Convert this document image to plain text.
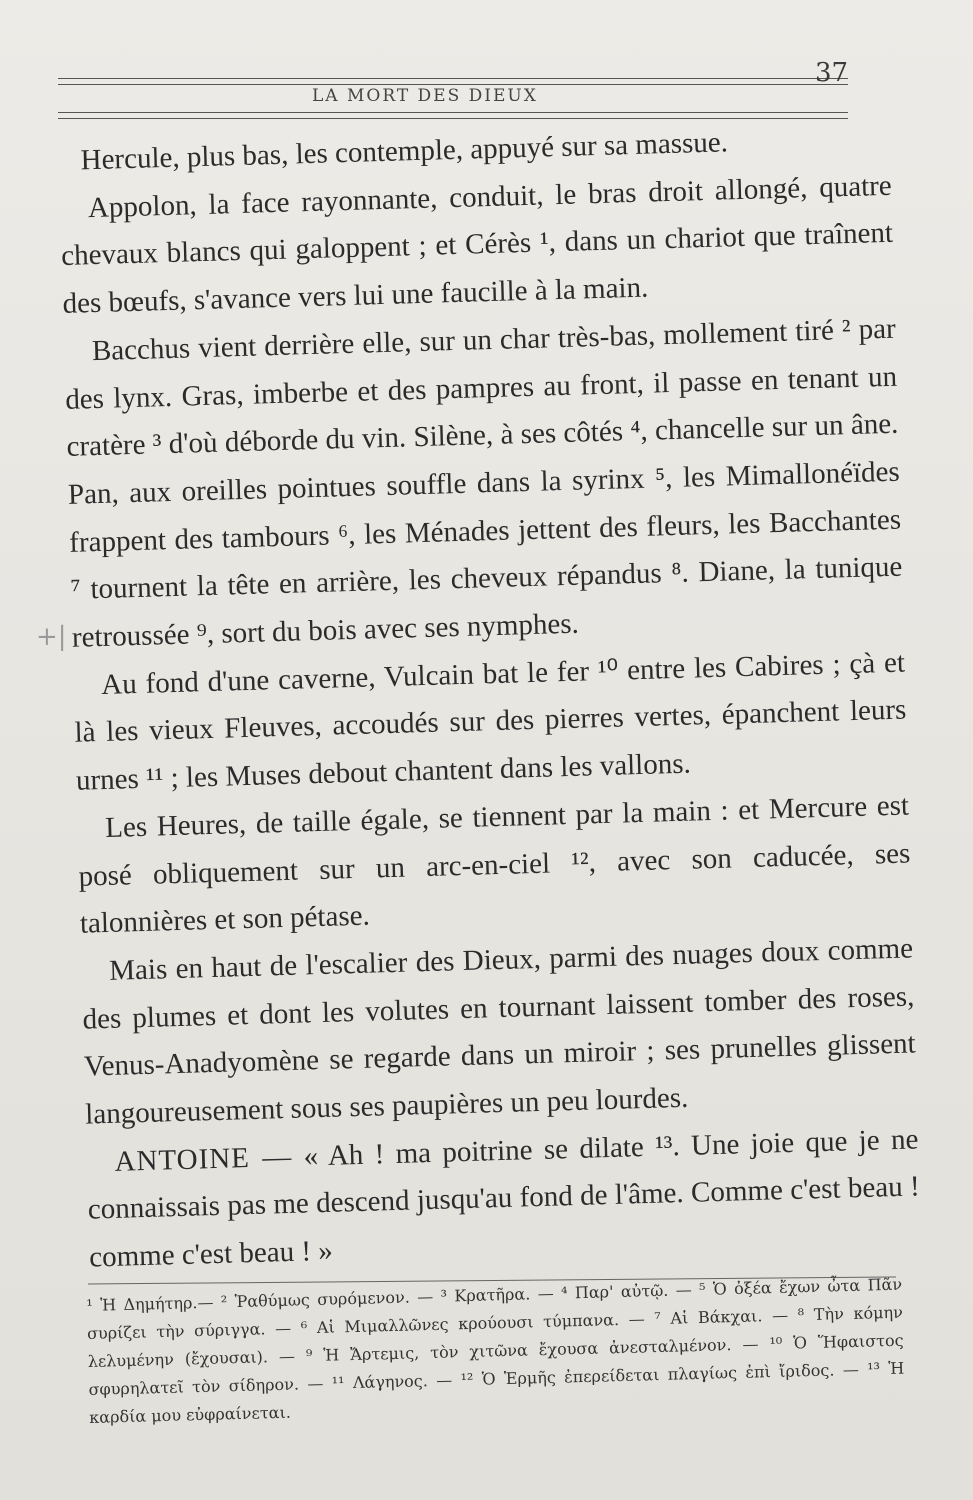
LA MORT DES DIEUX
37
+|

Hercule, plus bas, les contemple, appuyé sur sa massue.

Appolon, la face rayonnante, conduit, le bras droit allongé, quatre chevaux blancs qui galoppent ; et Cérès ¹, dans un chariot que traînent des bœufs, s'avance vers lui une faucille à la main.

Bacchus vient derrière elle, sur un char très-bas, mollement tiré ² par des lynx. Gras, imberbe et des pampres au front, il passe en tenant un cratère ³ d'où déborde du vin. Silène, à ses côtés ⁴, chancelle sur un âne. Pan, aux oreilles pointues souffle dans la syrinx ⁵, les Mimallonéïdes frappent des tambours ⁶, les Ménades jettent des fleurs, les Bacchantes ⁷ tournent la tête en arrière, les cheveux répandus ⁸. Diane, la tunique retroussée ⁹, sort du bois avec ses nymphes.

Au fond d'une caverne, Vulcain bat le fer ¹⁰ entre les Cabires ; çà et là les vieux Fleuves, accoudés sur des pierres vertes, épanchent leurs urnes ¹¹ ; les Muses debout chantent dans les vallons.

Les Heures, de taille égale, se tiennent par la main : et Mercure est posé obliquement sur un arc-en-ciel ¹², avec son caducée, ses talonnières et son pétase.

Mais en haut de l'escalier des Dieux, parmi des nuages doux comme des plumes et dont les volutes en tournant laissent tomber des roses, Venus-Anadyomène se regarde dans un miroir ; ses prunelles glissent langoureusement sous ses paupières un peu lourdes.

ANTOINE — « Ah ! ma poitrine se dilate ¹³. Une joie que je ne connaissais pas me descend jusqu'au fond de l'âme. Comme c'est beau ! comme c'est beau ! »

¹ Ἡ Δημήτηρ.— ² Ῥαθύμως συρόμενον. — ³ Κρατῆρα. — ⁴ Παρ' αὐτῷ. — ⁵ Ὁ ὀξέα ἔχων ὦτα Πᾶν συρίζει τὴν σύριγγα. — ⁶ Αἱ Μιμαλλῶνες κρούουσι τύμπανα. — ⁷ Αἱ Βάκχαι. — ⁸ Τὴν κόμην λελυμένην (ἔχουσαι). — ⁹ Ἡ Ἄρτεμις, τὸν χιτῶνα ἔχουσα ἀνεσταλμένον. — ¹⁰ Ὁ Ἥφαιστος σφυρηλατεῖ τὸν σίδηρον. — ¹¹ Λάγηνος. — ¹² Ὁ Ἑρμῆς ἐπερείδεται πλαγίως ἐπὶ ἴριδος. — ¹³ Ἡ καρδία μου εὐφραίνεται.
